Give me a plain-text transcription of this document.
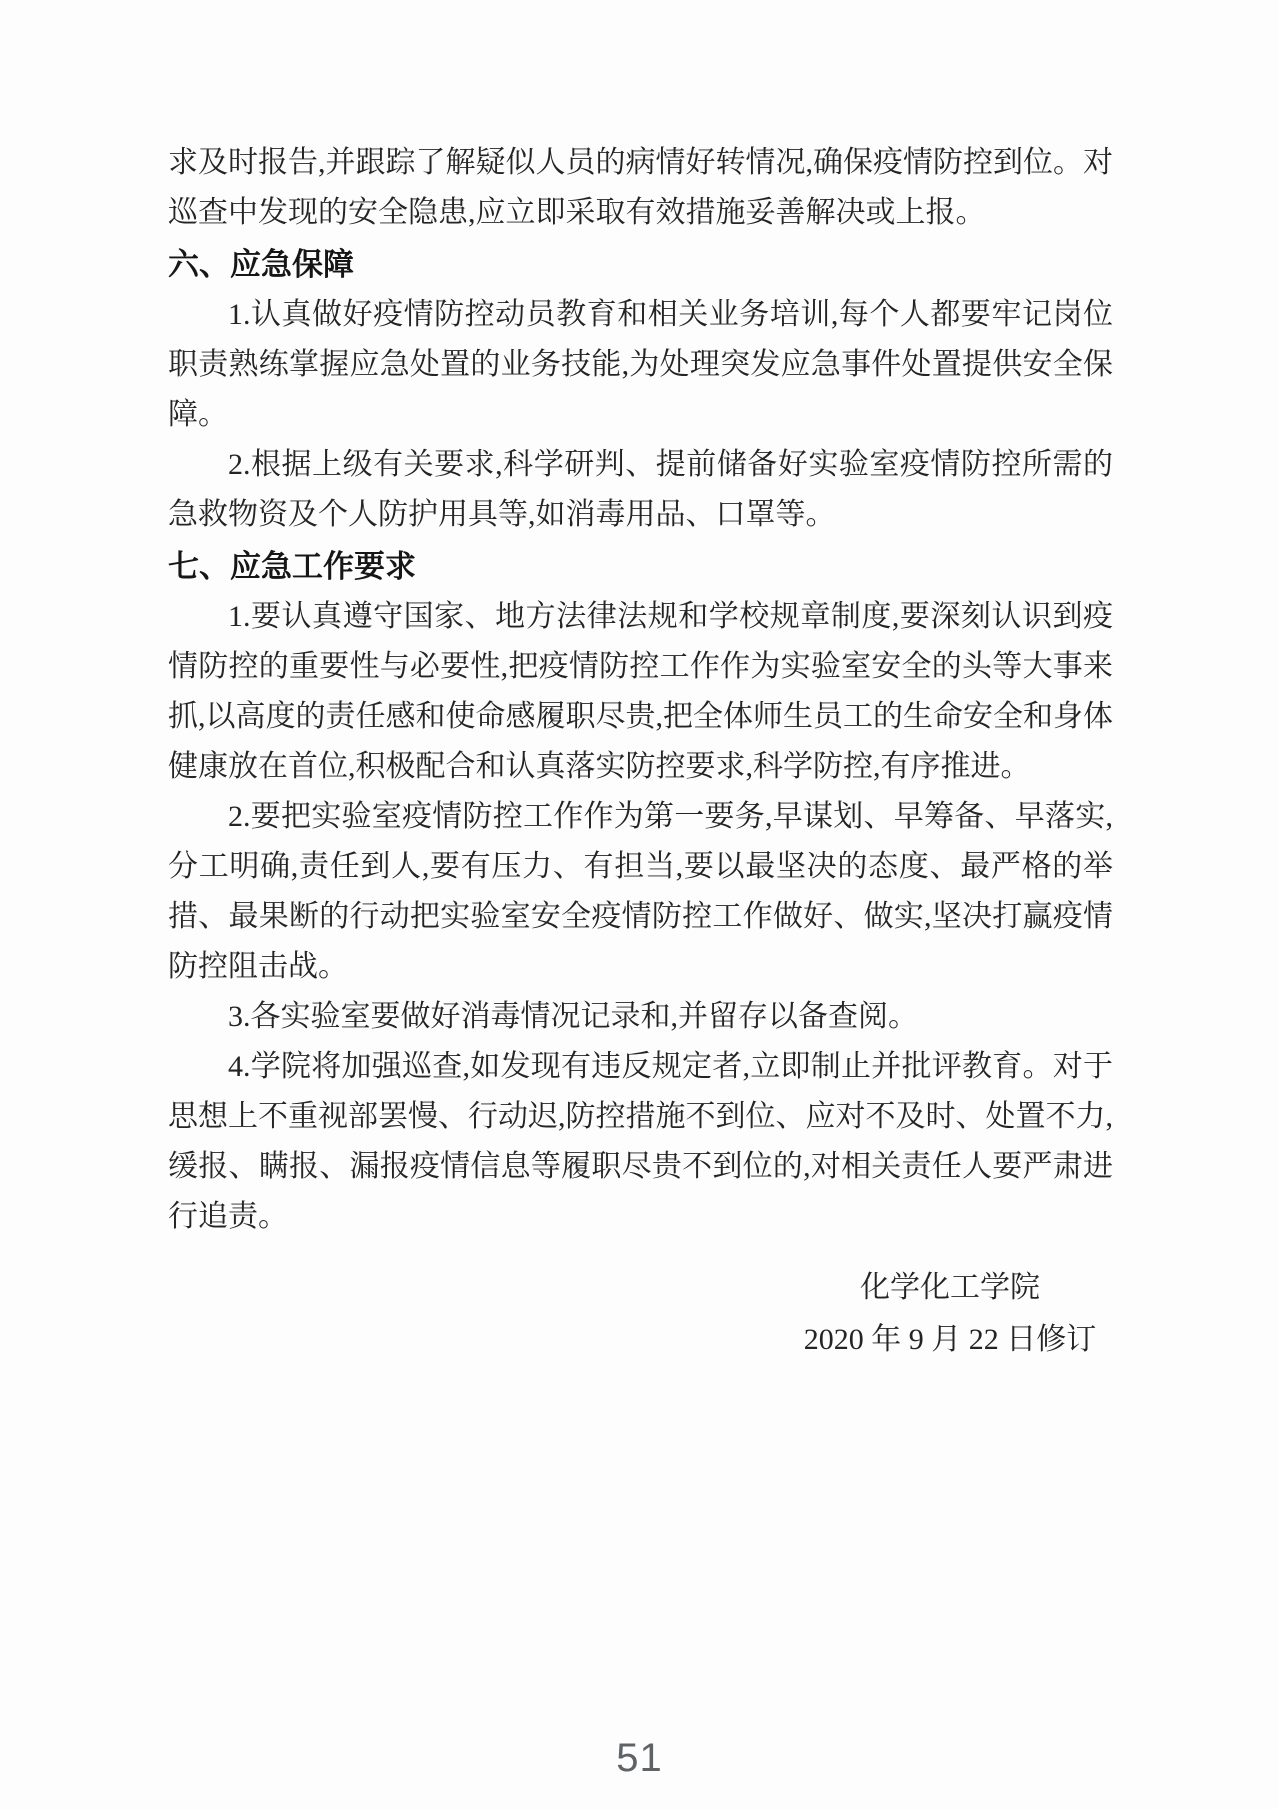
求及时报告,并跟踪了解疑似人员的病情好转情况,确保疫情防控到位。对巡查中发现的安全隐患,应立即采取有效措施妥善解决或上报。

六、应急保障

1.认真做好疫情防控动员教育和相关业务培训,每个人都要牢记岗位职责熟练掌握应急处置的业务技能,为处理突发应急事件处置提供安全保障。

2.根据上级有关要求,科学研判、提前储备好实验室疫情防控所需的急救物资及个人防护用具等,如消毒用品、口罩等。

七、应急工作要求

1.要认真遵守国家、地方法律法规和学校规章制度,要深刻认识到疫情防控的重要性与必要性,把疫情防控工作作为实验室安全的头等大事来抓,以高度的责任感和使命感履职尽贵,把全体师生员工的生命安全和身体健康放在首位,积极配合和认真落实防控要求,科学防控,有序推进。

2.要把实验室疫情防控工作作为第一要务,早谋划、早筹备、早落实,分工明确,责任到人,要有压力、有担当,要以最坚决的态度、最严格的举措、最果断的行动把实验室安全疫情防控工作做好、做实,坚决打赢疫情防控阻击战。

3.各实验室要做好消毒情况记录和,并留存以备查阅。

4.学院将加强巡查,如发现有违反规定者,立即制止并批评教育。对于思想上不重视部罢慢、行动迟,防控措施不到位、应对不及时、处置不力,缓报、瞒报、漏报疫情信息等履职尽贵不到位的,对相关责任人要严肃进行追责。

化学化工学院
2020 年 9 月 22 日修订
51
